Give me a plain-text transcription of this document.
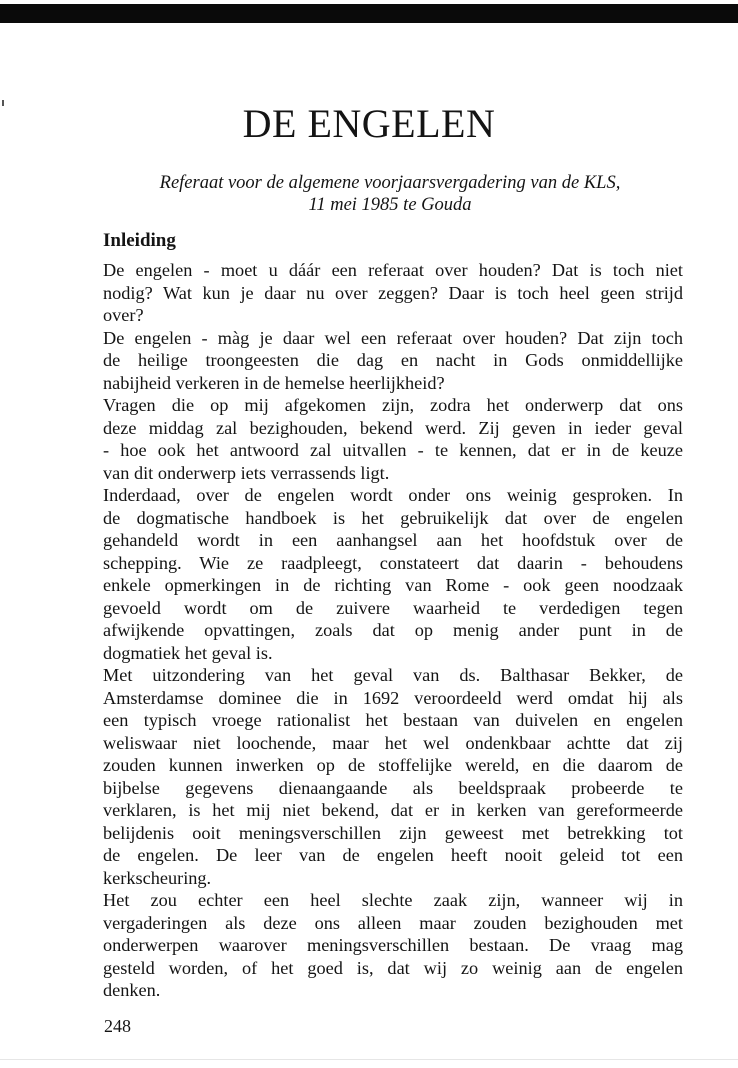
DE ENGELEN
Referaat voor de algemene voorjaarsvergadering van de KLS,
11 mei 1985 te Gouda
Inleiding
De engelen - moet u dáár een referaat over houden? Dat is toch niet
nodig? Wat kun je daar nu over zeggen? Daar is toch heel geen strijd
over?
De engelen - màg je daar wel een referaat over houden? Dat zijn toch
de heilige troongeesten die dag en nacht in Gods onmiddellijke
nabijheid verkeren in de hemelse heerlijkheid?
Vragen die op mij afgekomen zijn, zodra het onderwerp dat ons
deze middag zal bezighouden, bekend werd. Zij geven in ieder geval
- hoe ook het antwoord zal uitvallen - te kennen, dat er in de keuze
van dit onderwerp iets verrassends ligt.
Inderdaad, over de engelen wordt onder ons weinig gesproken. In
de dogmatische handboek is het gebruikelijk dat over de engelen
gehandeld wordt in een aanhangsel aan het hoofdstuk over de
schepping. Wie ze raadpleegt, constateert dat daarin - behoudens
enkele opmerkingen in de richting van Rome - ook geen noodzaak
gevoeld wordt om de zuivere waarheid te verdedigen tegen
afwijkende opvattingen, zoals dat op menig ander punt in de
dogmatiek het geval is.
Met uitzondering van het geval van ds. Balthasar Bekker, de
Amsterdamse dominee die in 1692 veroordeeld werd omdat hij als
een typisch vroege rationalist het bestaan van duivelen en engelen
weliswaar niet loochende, maar het wel ondenkbaar achtte dat zij
zouden kunnen inwerken op de stoffelijke wereld, en die daarom de
bijbelse gegevens dienaangaande als beeldspraak probeerde te
verklaren, is het mij niet bekend, dat er in kerken van gereformeerde
belijdenis ooit meningsverschillen zijn geweest met betrekking tot
de engelen. De leer van de engelen heeft nooit geleid tot een
kerkscheuring.
Het zou echter een heel slechte zaak zijn, wanneer wij in
vergaderingen als deze ons alleen maar zouden bezighouden met
onderwerpen waarover meningsverschillen bestaan. De vraag mag
gesteld worden, of het goed is, dat wij zo weinig aan de engelen
denken.
248
